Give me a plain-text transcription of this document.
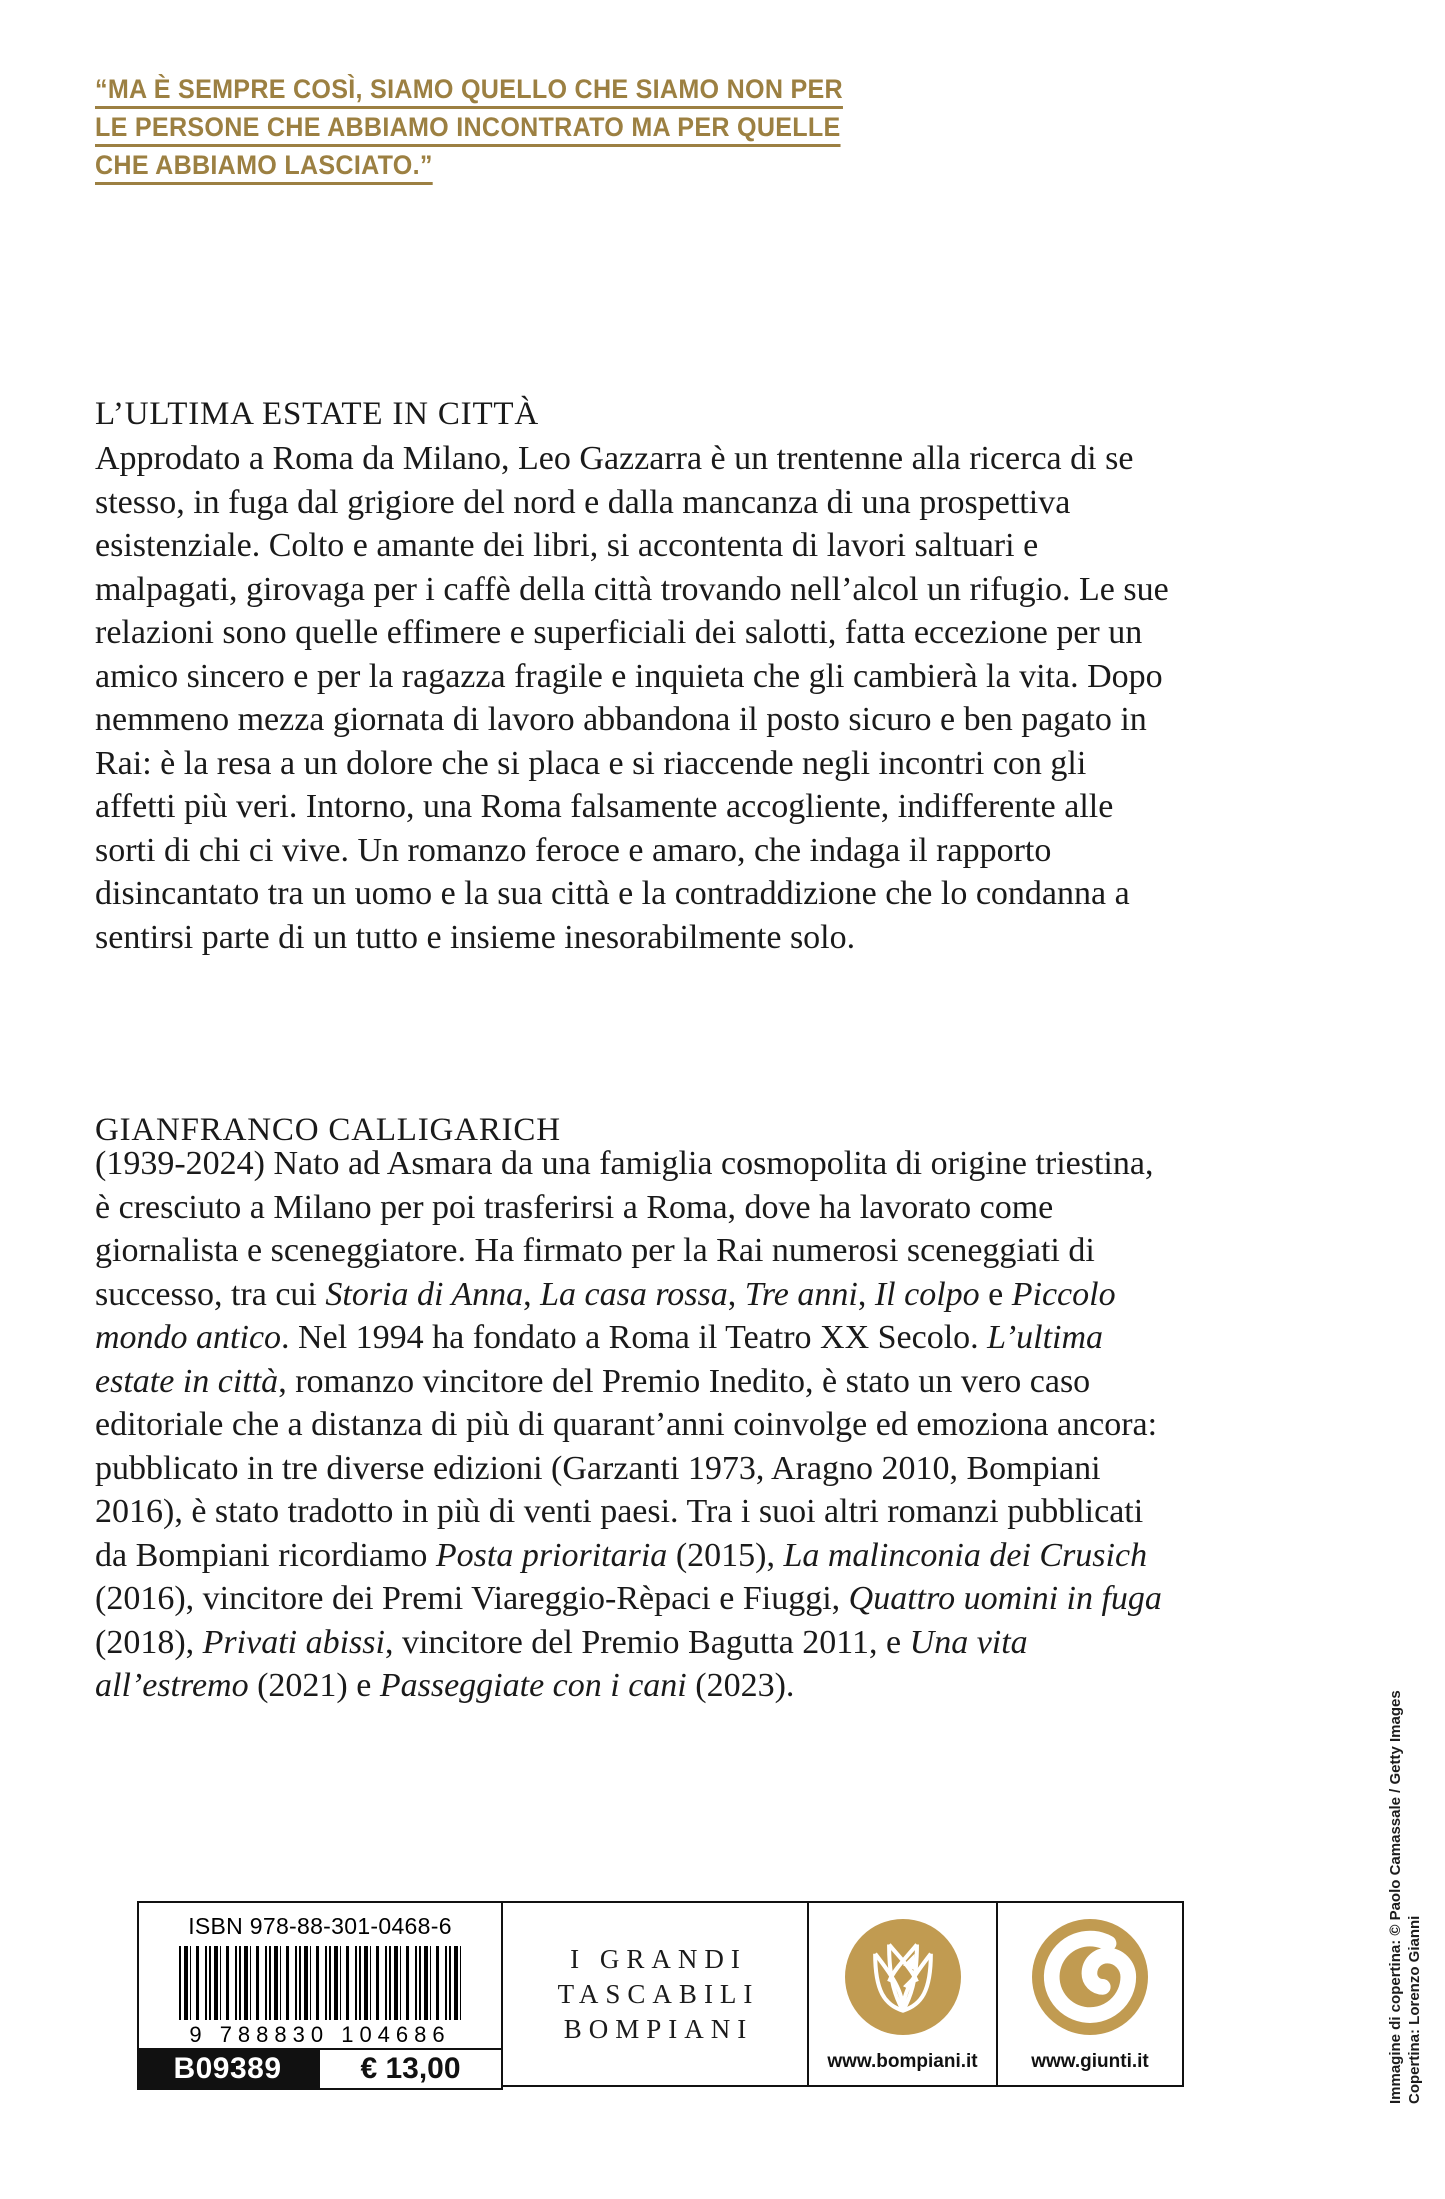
“MA È SEMPRE COSÌ, SIAMO QUELLO CHE SIAMO NON PER
LE PERSONE CHE ABBIAMO INCONTRATO MA PER QUELLE
CHE ABBIAMO LASCIATO.”
L’ULTIMA ESTATE IN CITTÀ
Approdato a Roma da Milano, Leo Gazzarra è un trentenne alla ricerca di se stesso, in fuga dal grigiore del nord e dalla mancanza di una prospettiva esistenziale. Colto e amante dei libri, si accontenta di lavori saltuari e malpagati, girovaga per i caffè della città trovando nell’alcol un rifugio. Le sue relazioni sono quelle effimere e superficiali dei salotti, fatta eccezione per un amico sincero e per la ragazza fragile e inquieta che gli cambierà la vita. Dopo nemmeno mezza giornata di lavoro abbandona il posto sicuro e ben pagato in Rai: è la resa a un dolore che si placa e si riaccende negli incontri con gli affetti più veri. Intorno, una Roma falsamente accogliente, indifferente alle sorti di chi ci vive. Un romanzo feroce e amaro, che indaga il rapporto disincantato tra un uomo e la sua città e la contraddizione che lo condanna a sentirsi parte di un tutto e insieme inesorabilmente solo.
GIANFRANCO CALLIGARICH
(1939-2024) Nato ad Asmara da una famiglia cosmopolita di origine triestina, è cresciuto a Milano per poi trasferirsi a Roma, dove ha lavorato come giornalista e sceneggiatore. Ha firmato per la Rai numerosi sceneggiati di successo, tra cui Storia di Anna, La casa rossa, Tre anni, Il colpo e Piccolo mondo antico. Nel 1994 ha fondato a Roma il Teatro XX Secolo. L’ultima estate in città, romanzo vincitore del Premio Inedito, è stato un vero caso editoriale che a distanza di più di quarant’anni coinvolge ed emoziona ancora: pubblicato in tre diverse edizioni (Garzanti 1973, Aragno 2010, Bompiani 2016), è stato tradotto in più di venti paesi. Tra i suoi altri romanzi pubblicati da Bompiani ricordiamo Posta prioritaria (2015), La malinconia dei Crusich (2016), vincitore dei Premi Viareggio-Rèpaci e Fiuggi, Quattro uomini in fuga (2018), Privati abissi, vincitore del Premio Bagutta 2011, e Una vita all’estremo (2021) e Passeggiate con i cani (2023).
ISBN 978-88-301-0468-6
9 788830 104686
B09389	€ 13,00
I GRANDI
TASCABILI
BOMPIANI
www.bompiani.it	www.giunti.it	Immagine di copertina: © Paolo Camassale / Getty Images Copertina: Lorenzo Gianni
